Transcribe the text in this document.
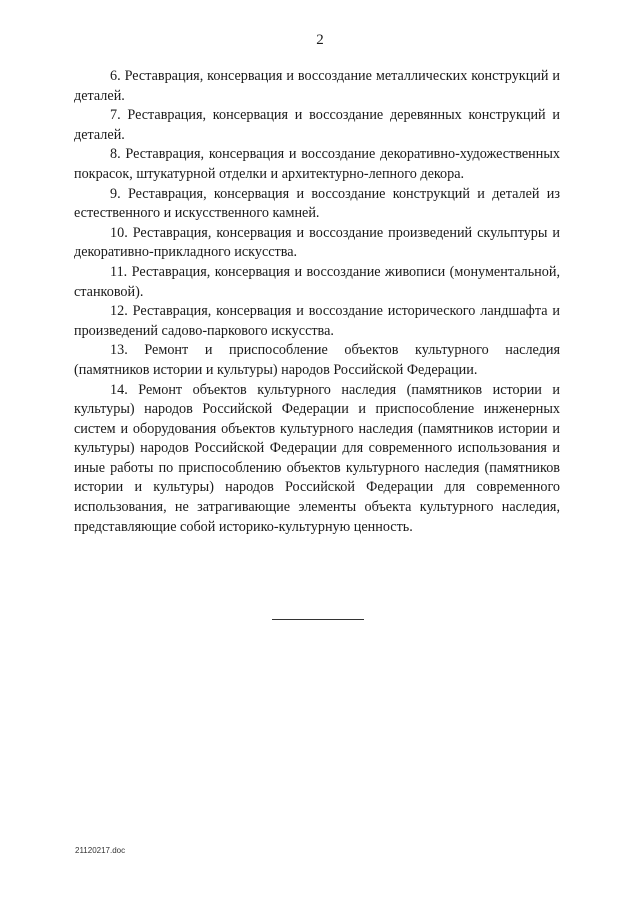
2

6. Реставрация, консервация и воссоздание металлических конструкций и деталей.

7. Реставрация, консервация и воссоздание деревянных конструкций и деталей.

8. Реставрация, консервация и воссоздание декоративно-художественных покрасок, штукатурной отделки и архитектурно-лепного декора.

9. Реставрация, консервация и воссоздание конструкций и деталей из естественного и искусственного камней.

10. Реставрация, консервация и воссоздание произведений скульптуры и декоративно-прикладного искусства.

11. Реставрация, консервация и воссоздание живописи (монументальной, станковой).

12. Реставрация, консервация и воссоздание исторического ландшафта и произведений садово-паркового искусства.

13. Ремонт и приспособление объектов культурного наследия (памятников истории и культуры) народов Российской Федерации.

14. Ремонт объектов культурного наследия (памятников истории и культуры) народов Российской Федерации и приспособление инженерных систем и оборудования объектов культурного наследия (памятников истории и культуры) народов Российской Федерации для современного использования и иные работы по приспособлению объектов культурного наследия (памятников истории и культуры) народов Российской Федерации для современного использования, не затрагивающие элементы объекта культурного наследия, представляющие собой историко-культурную ценность.

21120217.doc
